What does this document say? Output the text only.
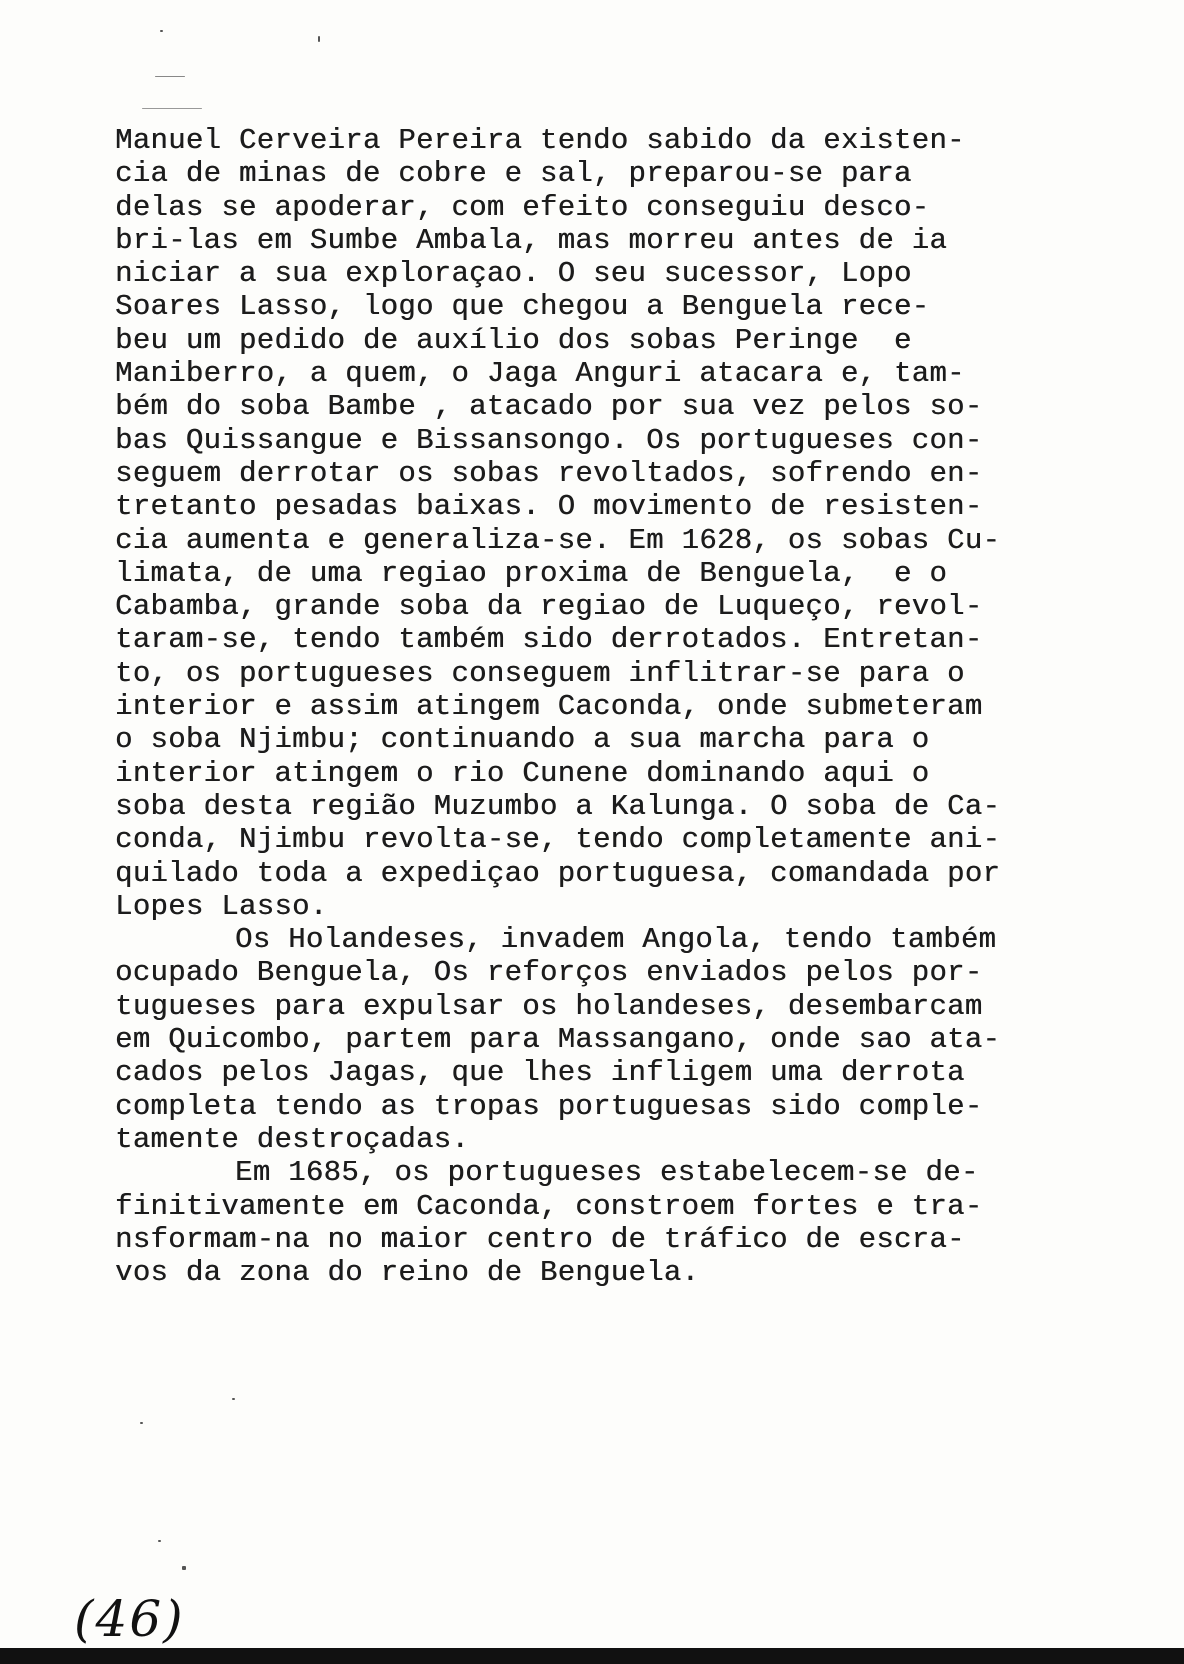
Manuel Cerveira Pereira tendo sabido da existen-
cia de minas de cobre e sal, preparou-se para
delas se apoderar, com efeito conseguiu desco-
bri-las em Sumbe Ambala, mas morreu antes de ia
niciar a sua exploraçao. O seu sucessor, Lopo
Soares Lasso, logo que chegou a Benguela rece-
beu um pedido de auxílio dos sobas Peringe  e
Maniberro, a quem, o Jaga Anguri atacara e, tam-
bém do soba Bambe , atacado por sua vez pelos so-
bas Quissangue e Bissansongo. Os portugueses con-
seguem derrotar os sobas revoltados, sofrendo en-
tretanto pesadas baixas. O movimento de resisten-
cia aumenta e generaliza-se. Em 1628, os sobas Cu-
limata, de uma regiao proxima de Benguela,  e o
Cabamba, grande soba da regiao de Luqueço, revol-
taram-se, tendo também sido derrotados. Entretan-
to, os portugueses conseguem inflitrar-se para o
interior e assim atingem Caconda, onde submeteram
o soba Njimbu; continuando a sua marcha para o
interior atingem o rio Cunene dominando aqui o
soba desta região Muzumbo a Kalunga. O soba de Ca-
conda, Njimbu revolta-se, tendo completamente ani-
quilado toda a expediçao portuguesa, comandada por
Lopes Lasso.
Os Holandeses, invadem Angola, tendo também
ocupado Benguela, Os reforços enviados pelos por-
tugueses para expulsar os holandeses, desembarcam
em Quicombo, partem para Massangano, onde sao ata-
cados pelos Jagas, que lhes infligem uma derrota
completa tendo as tropas portuguesas sido comple-
tamente destroçadas.
Em 1685, os portugueses estabelecem-se de-
finitivamente em Caconda, constroem fortes e tra-
nsformam-na no maior centro de tráfico de escra-
vos da zona do reino de Benguela.
(46)
